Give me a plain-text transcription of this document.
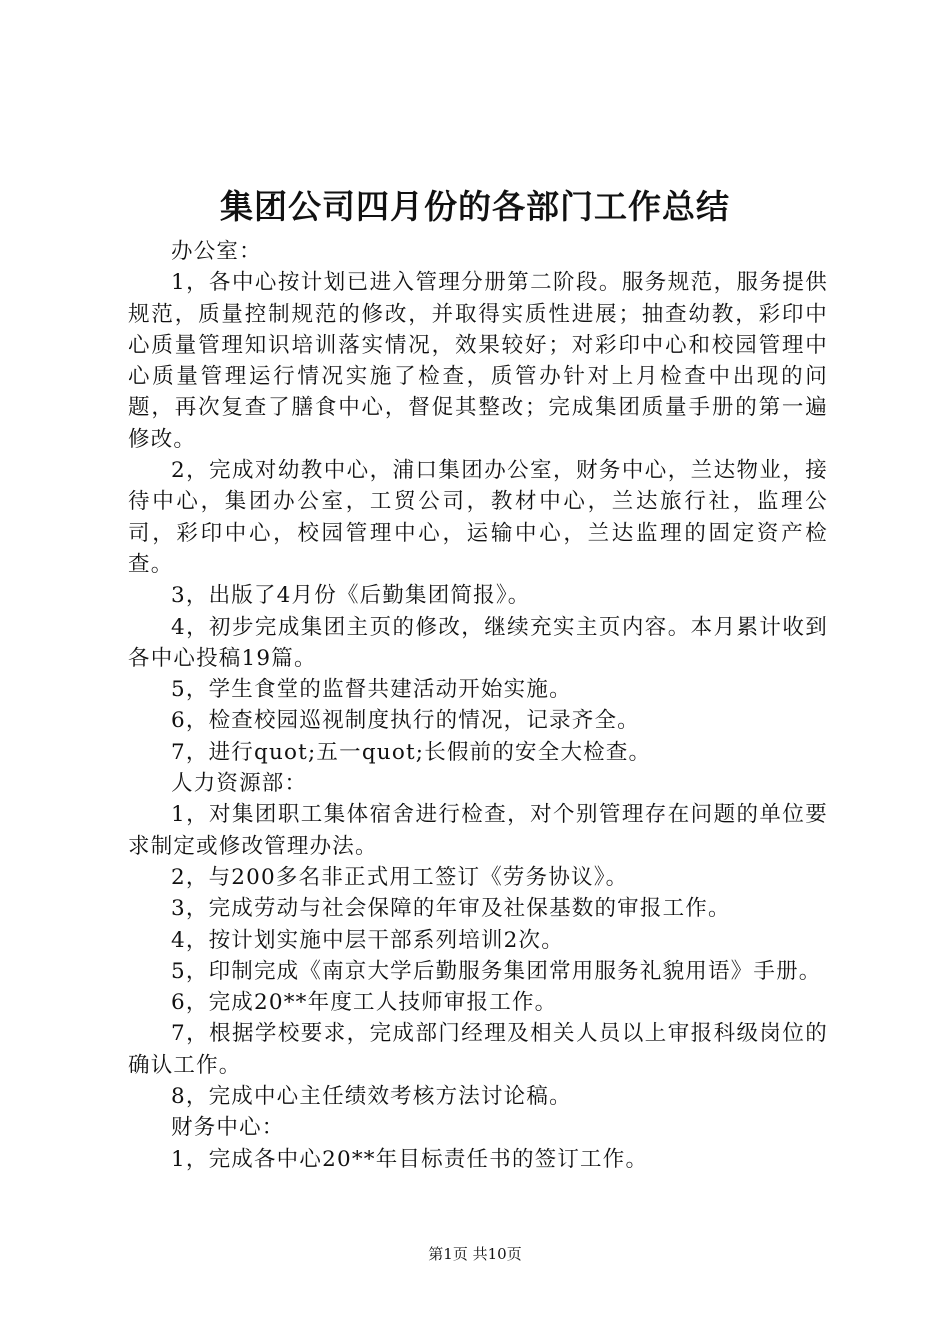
集团公司四月份的各部门工作总结

办公室：

1，各中心按计划已进入管理分册第二阶段。服务规范，服务提供规范，质量控制规范的修改，并取得实质性进展；抽查幼教，彩印中心质量管理知识培训落实情况，效果较好；对彩印中心和校园管理中心质量管理运行情况实施了检查，质管办针对上月检查中出现的问题，再次复查了膳食中心，督促其整改；完成集团质量手册的第一遍修改。

2，完成对幼教中心，浦口集团办公室，财务中心，兰达物业，接待中心，集团办公室，工贸公司，教材中心，兰达旅行社，监理公司，彩印中心，校园管理中心，运输中心，兰达监理的固定资产检查。

3，出版了4月份《后勤集团简报》。

4，初步完成集团主页的修改，继续充实主页内容。本月累计收到各中心投稿19篇。

5，学生食堂的监督共建活动开始实施。

6，检查校园巡视制度执行的情况，记录齐全。

7，进行quot;五一quot;长假前的安全大检查。

人力资源部：

1，对集团职工集体宿舍进行检查，对个别管理存在问题的单位要求制定或修改管理办法。

2，与200多名非正式用工签订《劳务协议》。

3，完成劳动与社会保障的年审及社保基数的审报工作。

4，按计划实施中层干部系列培训2次。

5，印制完成《南京大学后勤服务集团常用服务礼貌用语》手册。

6，完成20**年度工人技师审报工作。

7，根据学校要求，完成部门经理及相关人员以上审报科级岗位的确认工作。

8，完成中心主任绩效考核方法讨论稿。

财务中心：

1，完成各中心20**年目标责任书的签订工作。

第1页 共10页
